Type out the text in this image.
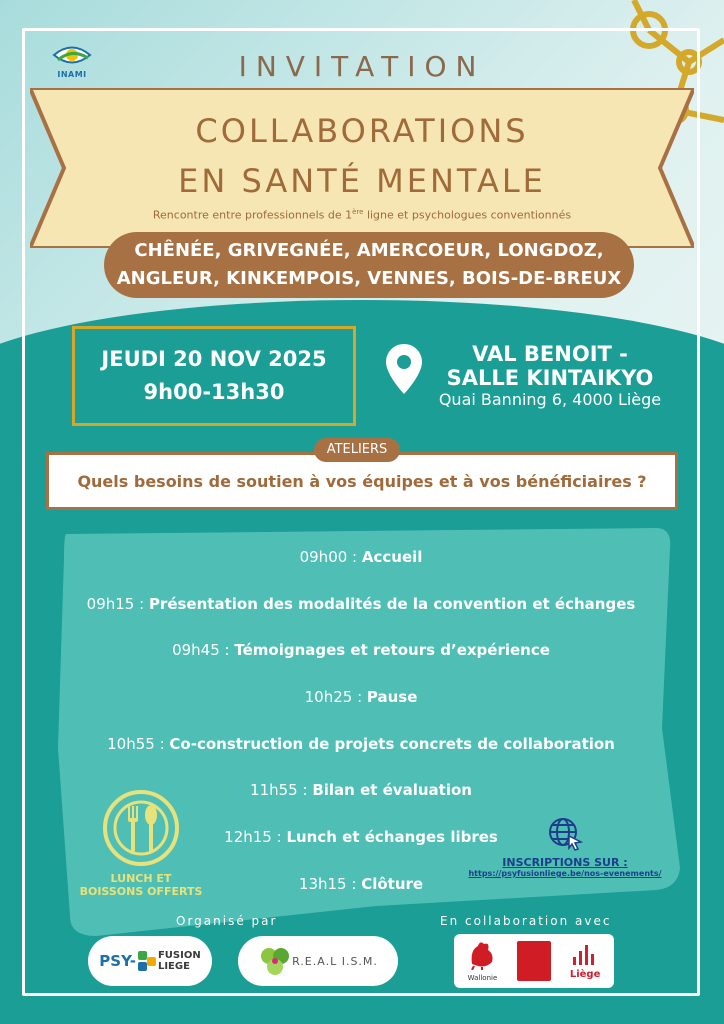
INAMI	INVITATION
COLLABORATIONS
EN SANTÉ MENTALE
Rencontre entre professionnels de 1ère ligne et psychologues conventionnés
CHÊNÉE, GRIVEGNÉE, AMERCOEUR, LONGDOZ,
ANGLEUR, KINKEMPOIS, VENNES, BOIS-DE-BREUX
JEUDI 20 NOV 2025
9h00-13h30
VAL BENOIT -
SALLE KINTAIKYO
Quai Banning 6, 4000 Liège
Quels besoins de soutien à vos équipes et à vos bénéficiaires ?
ATELIERS
09h00 : Accueil
09h15 : Présentation des modalités de la convention et échanges
09h45 : Témoignages et retours d’expérience
10h25 : Pause
10h55 : Co-construction de projets concrets de collaboration
11h55 : Bilan et évaluation
12h15 : Lunch et échanges libres
13h15 : Clôture
LUNCH ET
BOISSONS OFFERTS
INSCRIPTIONS SUR :
https://psyfusionliege.be/nos-evenements/
Organisé par	En collaboration avec
PSY- FUSION
LIEGE	R.E.A.L I.S.M.
Wallonie	Liège
